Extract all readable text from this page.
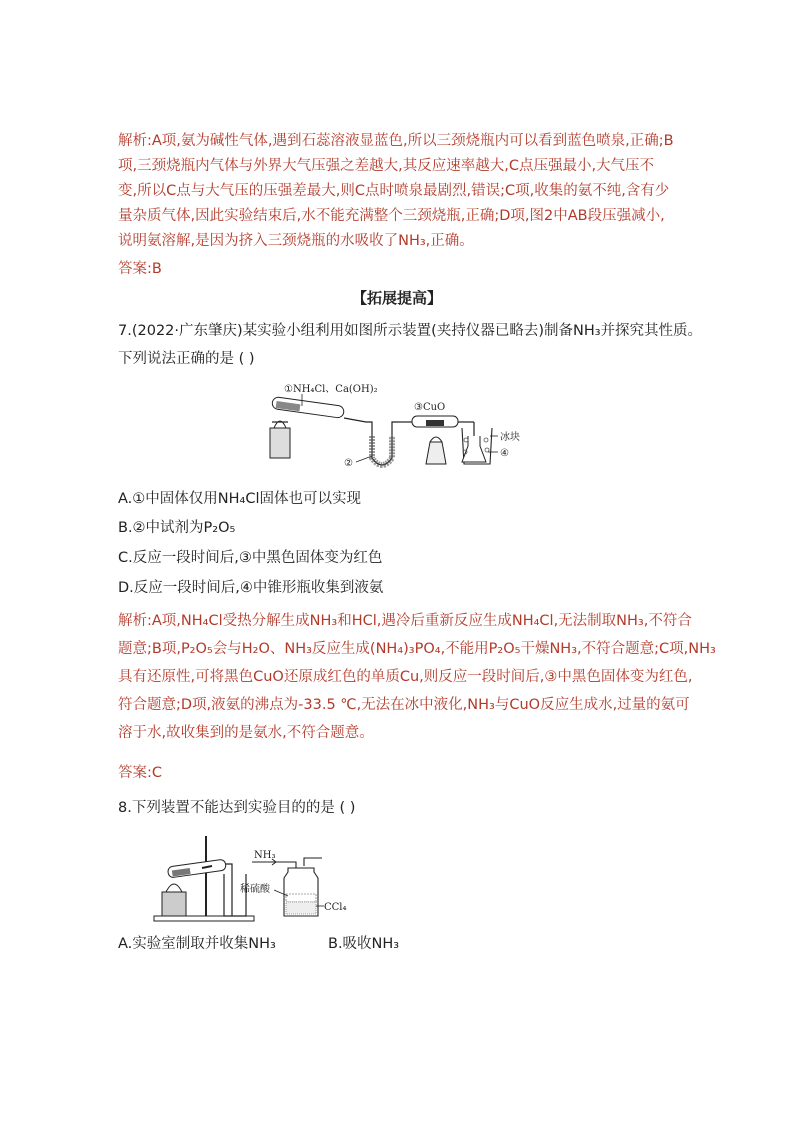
解析:A项,氨为碱性气体,遇到石蕊溶液显蓝色,所以三颈烧瓶内可以看到蓝色喷泉,正确;B
项,三颈烧瓶内气体与外界大气压强之差越大,其反应速率越大,C点压强最小,大气压不
变,所以C点与大气压的压强差最大,则C点时喷泉最剧烈,错误;C项,收集的氨不纯,含有少
量杂质气体,因此实验结束后,水不能充满整个三颈烧瓶,正确;D项,图2中AB段压强减小,
说明氨溶解,是因为挤入三颈烧瓶的水吸收了NH₃,正确。
答案:B
【拓展提高】
7.(2022·广东肇庆)某实验小组利用如图所示装置(夹持仪器已略去)制备NH₃并探究其性质。
下列说法正确的是 ( )
①NH₄Cl、Ca(OH)₂
②
③CuO
冰块
④
A.①中固体仅用NH₄Cl固体也可以实现
B.②中试剂为P₂O₅
C.反应一段时间后,③中黑色固体变为红色
D.反应一段时间后,④中锥形瓶收集到液氨
解析:A项,NH₄Cl受热分解生成NH₃和HCl,遇冷后重新反应生成NH₄Cl,无法制取NH₃,不符合
题意;B项,P₂O₅会与H₂O、NH₃反应生成(NH₄)₃PO₄,不能用P₂O₅干燥NH₃,不符合题意;C项,NH₃
具有还原性,可将黑色CuO还原成红色的单质Cu,则反应一段时间后,③中黑色固体变为红色,
符合题意;D项,液氨的沸点为-33.5 ℃,无法在冰中液化,NH₃与CuO反应生成水,过量的氨可
溶于水,故收集到的是氨水,不符合题意。
答案:C
8.下列装置不能达到实验目的的是 ( )
NH₃
稀硫酸
CCl₄
A.实验室制取并收集NH₃	B.吸收NH₃
